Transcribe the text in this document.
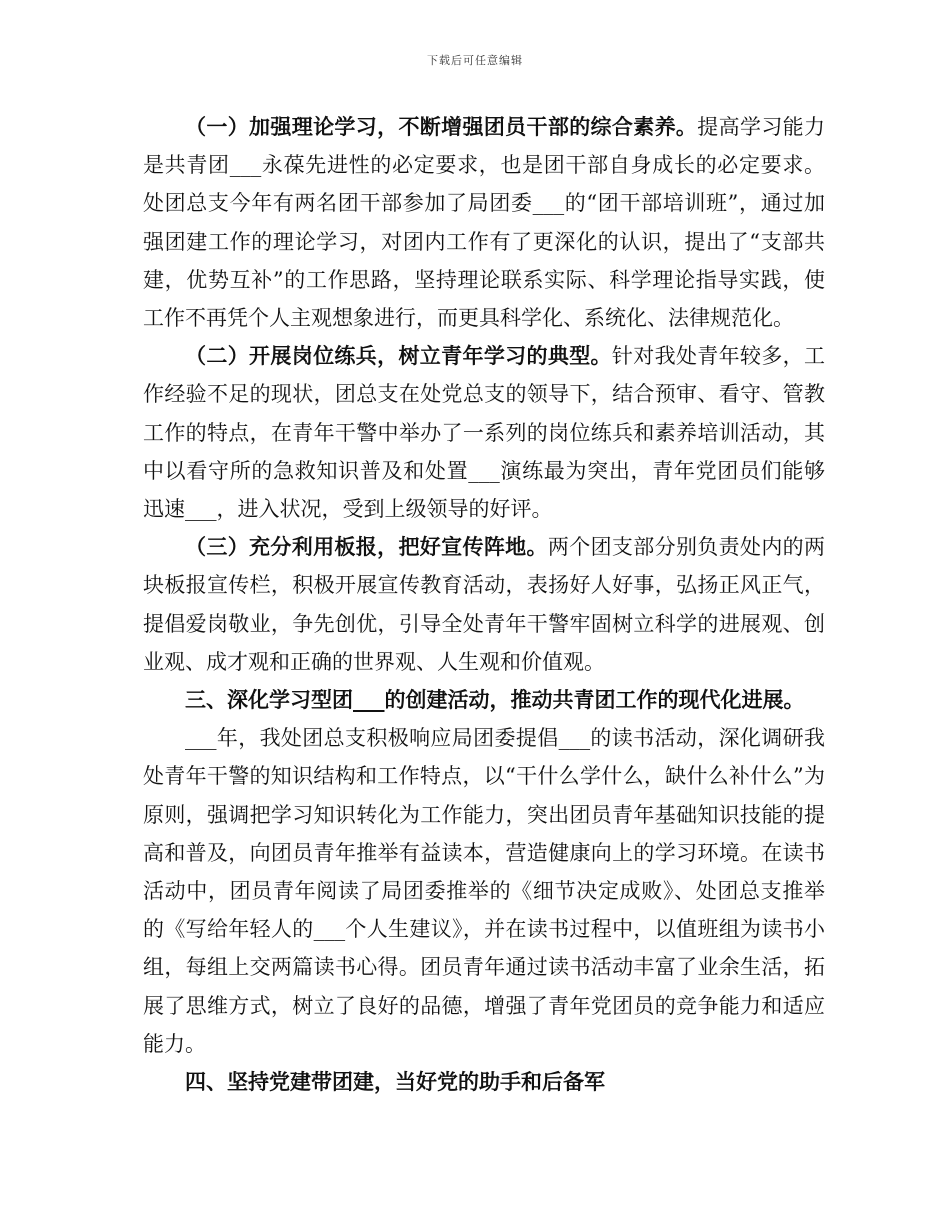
下载后可任意编辑

（一）加强理论学习，不断增强团员干部的综合素养。提高学习能力是共青团___永葆先进性的必定要求，也是团干部自身成长的必定要求。处团总支今年有两名团干部参加了局团委___的“团干部培训班”，通过加强团建工作的理论学习，对团内工作有了更深化的认识，提出了“支部共建，优势互补”的工作思路，坚持理论联系实际、科学理论指导实践，使工作不再凭个人主观想象进行，而更具科学化、系统化、法律规范化。

（二）开展岗位练兵，树立青年学习的典型。针对我处青年较多，工作经验不足的现状，团总支在处党总支的领导下，结合预审、看守、管教工作的特点，在青年干警中举办了一系列的岗位练兵和素养培训活动，其中以看守所的急救知识普及和处置___演练最为突出，青年党团员们能够迅速___，进入状况，受到上级领导的好评。

（三）充分利用板报，把好宣传阵地。两个团支部分别负责处内的两块板报宣传栏，积极开展宣传教育活动，表扬好人好事，弘扬正风正气，提倡爱岗敬业，争先创优，引导全处青年干警牢固树立科学的进展观、创业观、成才观和正确的世界观、人生观和价值观。

三、深化学习型团___的创建活动，推动共青团工作的现代化进展。

___年，我处团总支积极响应局团委提倡___的读书活动，深化调研我处青年干警的知识结构和工作特点，以“干什么学什么，缺什么补什么”为原则，强调把学习知识转化为工作能力，突出团员青年基础知识技能的提高和普及，向团员青年推举有益读本，营造健康向上的学习环境。在读书活动中，团员青年阅读了局团委推举的《细节决定成败》、处团总支推举的《写给年轻人的___个人生建议》，并在读书过程中，以值班组为读书小组，每组上交两篇读书心得。团员青年通过读书活动丰富了业余生活，拓展了思维方式，树立了良好的品德，增强了青年党团员的竞争能力和适应能力。

四、坚持党建带团建，当好党的助手和后备军
